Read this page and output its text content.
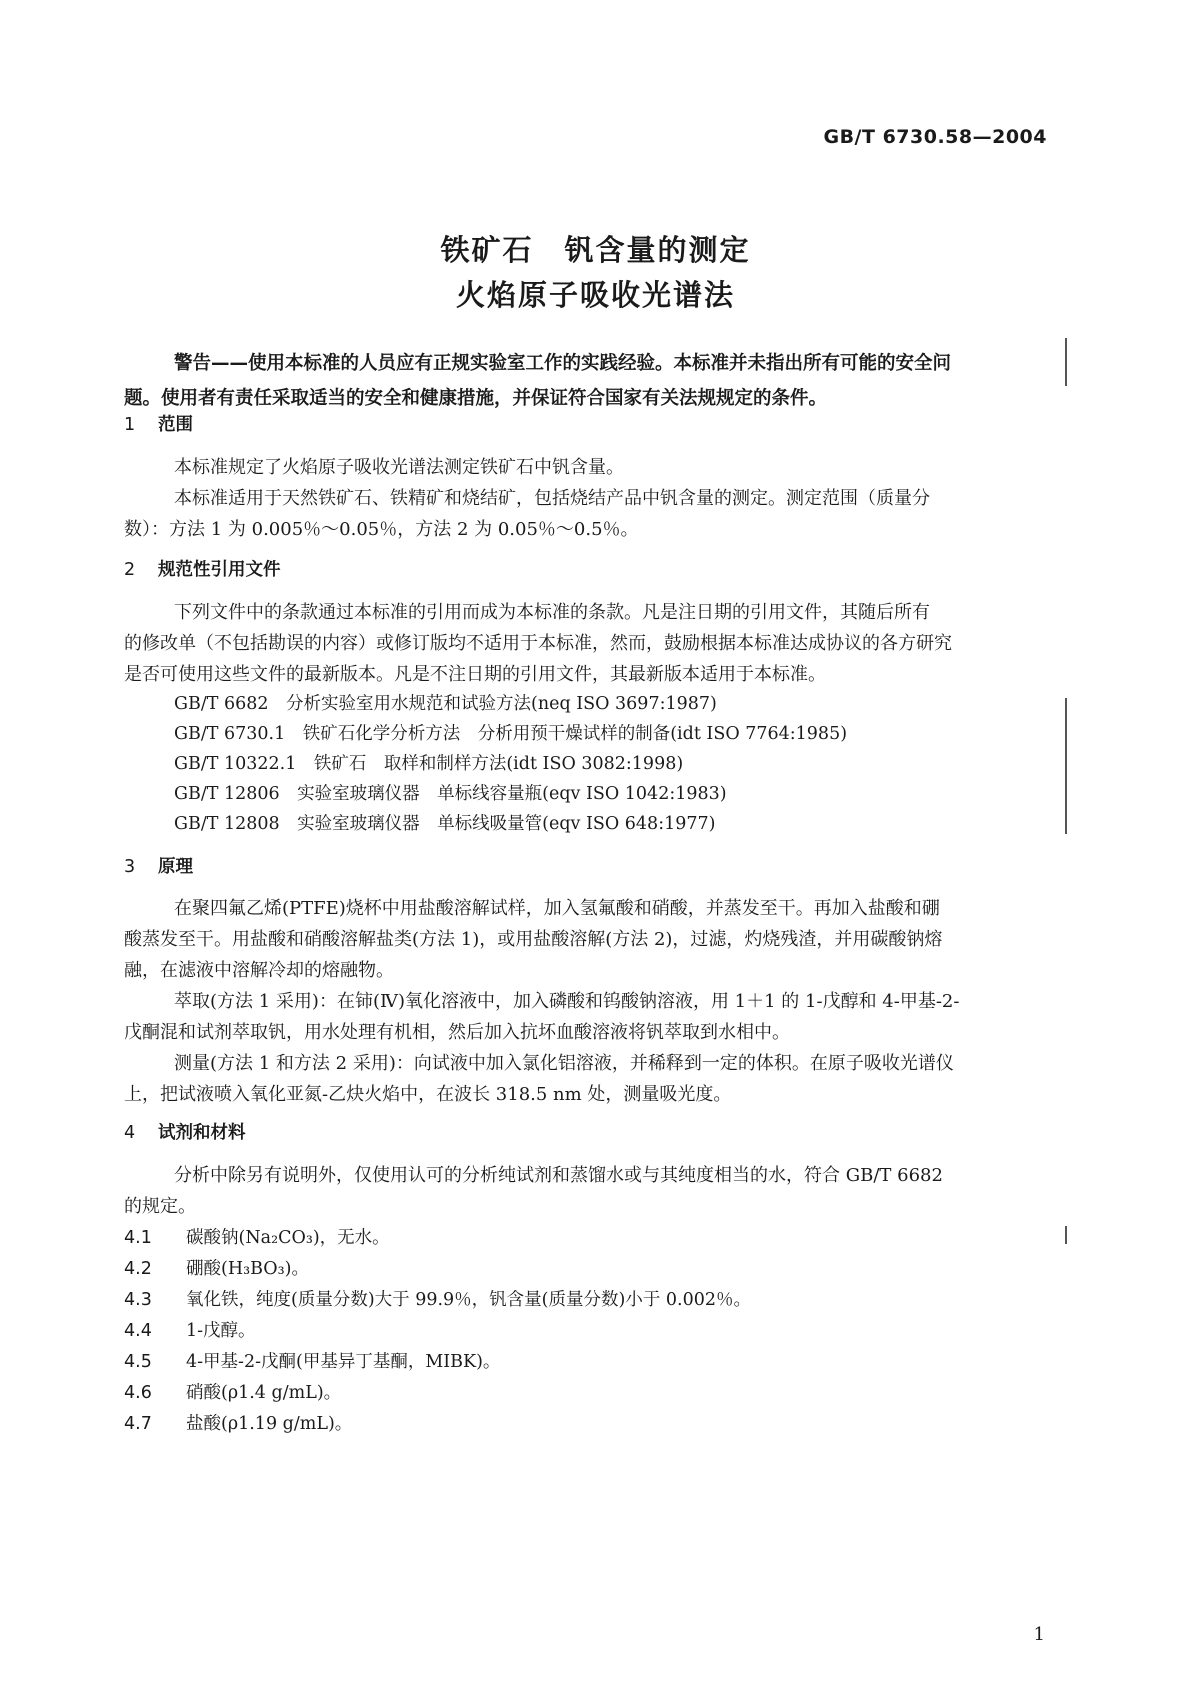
GB/T 6730.58—2004
铁矿石　钒含量的测定
火焰原子吸收光谱法

警告——使用本标准的人员应有正规实验室工作的实践经验。本标准并未指出所有可能的安全问

题。使用者有责任采取适当的安全和健康措施，并保证符合国家有关法规规定的条件。

1 范围

本标准规定了火焰原子吸收光谱法测定铁矿石中钒含量。

本标准适用于天然铁矿石、铁精矿和烧结矿，包括烧结产品中钒含量的测定。测定范围（质量分

数）：方法 1 为 0.005％～0.05％，方法 2 为 0.05％～0.5％。

2 规范性引用文件

下列文件中的条款通过本标准的引用而成为本标准的条款。凡是注日期的引用文件，其随后所有

的修改单（不包括勘误的内容）或修订版均不适用于本标准，然而，鼓励根据本标准达成协议的各方研究

是否可使用这些文件的最新版本。凡是不注日期的引用文件，其最新版本适用于本标准。

GB/T 6682　分析实验室用水规范和试验方法(neq ISO 3697:1987)
GB/T 6730.1　铁矿石化学分析方法　分析用预干燥试样的制备(idt ISO 7764:1985)
GB/T 10322.1　铁矿石　取样和制样方法(idt ISO 3082:1998)
GB/T 12806　实验室玻璃仪器　单标线容量瓶(eqv ISO 1042:1983)
GB/T 12808　实验室玻璃仪器　单标线吸量管(eqv ISO 648:1977)
3 原理

在聚四氟乙烯(PTFE)烧杯中用盐酸溶解试样，加入氢氟酸和硝酸，并蒸发至干。再加入盐酸和硼

酸蒸发至干。用盐酸和硝酸溶解盐类(方法 1)，或用盐酸溶解(方法 2)，过滤，灼烧残渣，并用碳酸钠熔

融，在滤液中溶解冷却的熔融物。

萃取(方法 1 采用)：在铈(Ⅳ)氧化溶液中，加入磷酸和钨酸钠溶液，用 1＋1 的 1-戊醇和 4-甲基-2-

戊酮混和试剂萃取钒，用水处理有机相，然后加入抗坏血酸溶液将钒萃取到水相中。

测量(方法 1 和方法 2 采用)：向试液中加入氯化铝溶液，并稀释到一定的体积。在原子吸收光谱仪

上，把试液喷入氧化亚氮-乙炔火焰中，在波长 318.5 nm 处，测量吸光度。

4 试剂和材料

分析中除另有说明外，仅使用认可的分析纯试剂和蒸馏水或与其纯度相当的水，符合 GB/T 6682

的规定。

4.1 碳酸钠(Na₂CO₃)，无水。
4.2 硼酸(H₃BO₃)。
4.3 氧化铁，纯度(质量分数)大于 99.9％，钒含量(质量分数)小于 0.002％。
4.4 1-戊醇。
4.5 4-甲基-2-戊酮(甲基异丁基酮，MIBK)。
4.6 硝酸(ρ1.4 g/mL)。
4.7 盐酸(ρ1.19 g/mL)。
1
